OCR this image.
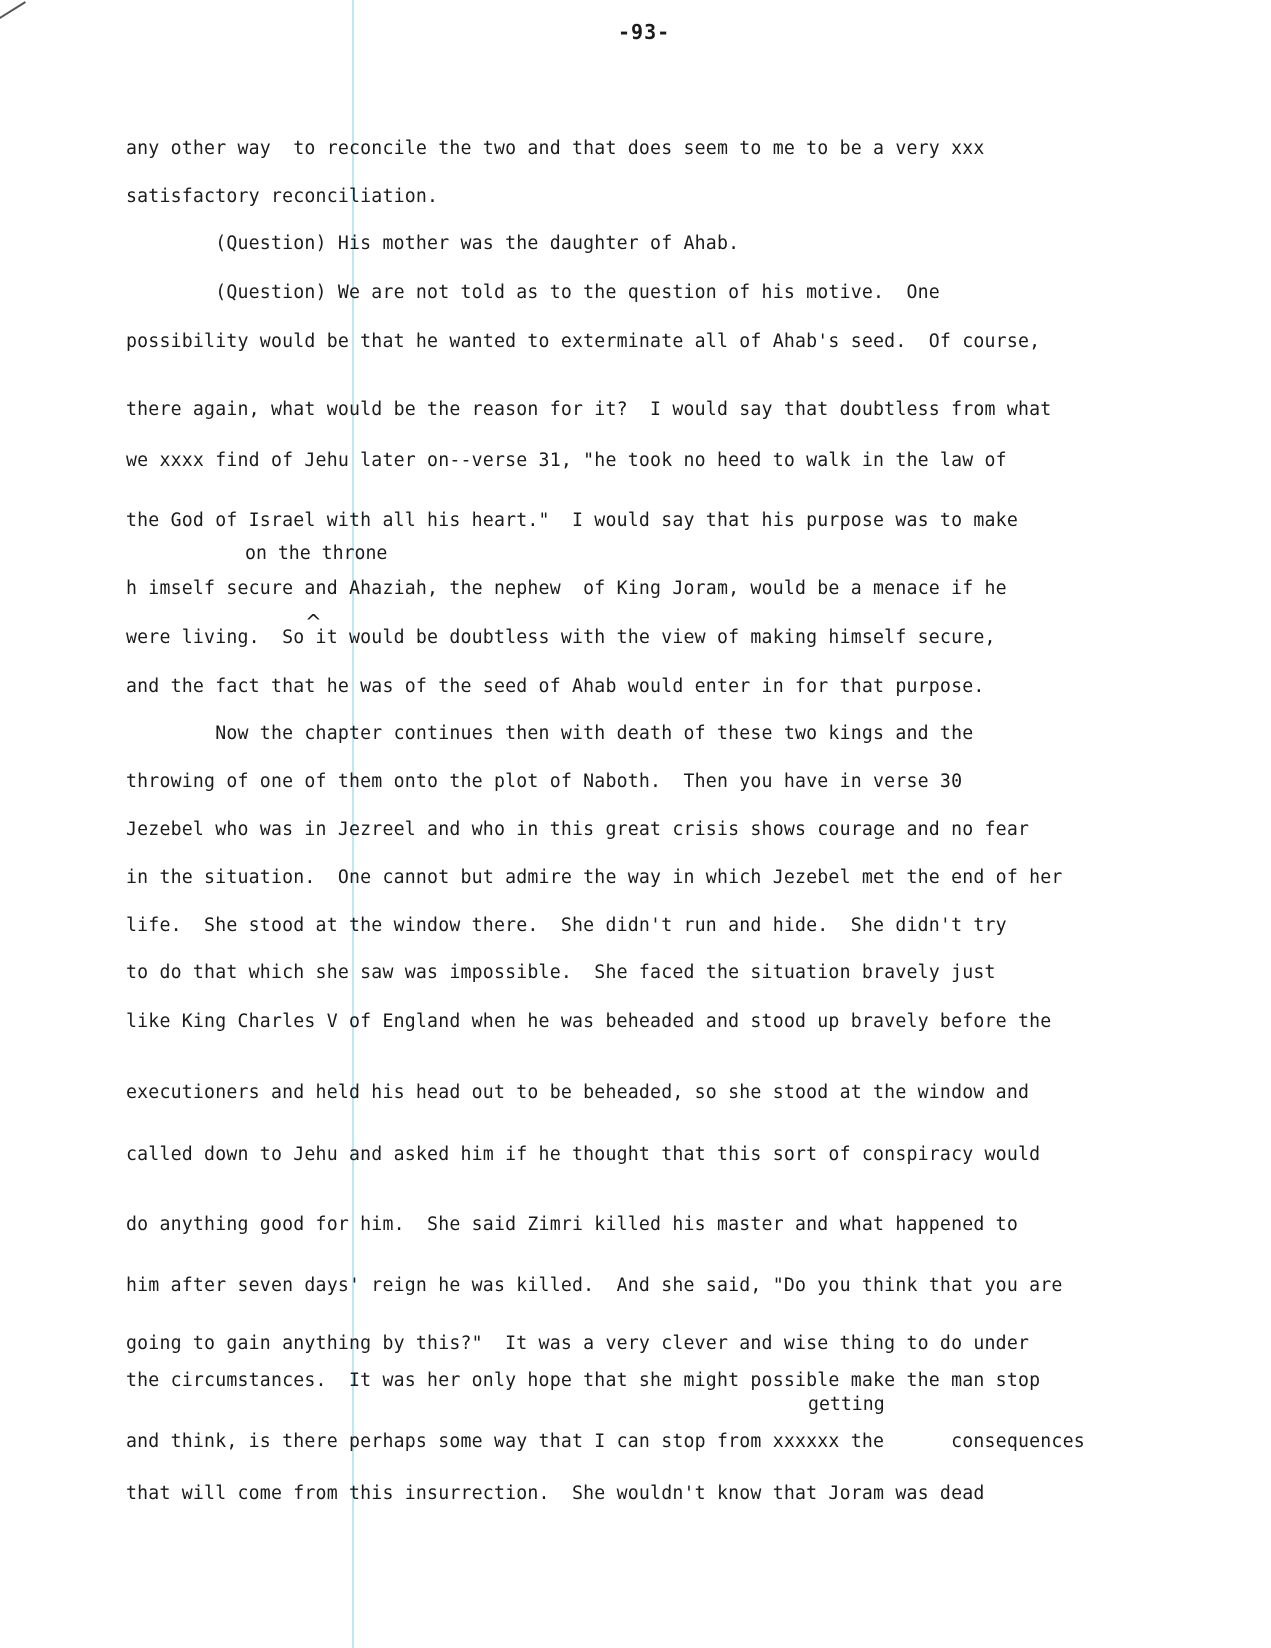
-93-
any other way  to reconcile the two and that does seem to me to be a very xxx
satisfactory reconciliation.
(Question) His mother was the daughter of Ahab.
(Question) We are not told as to the question of his motive.  One
possibility would be that he wanted to exterminate all of Ahab's seed.  Of course,
there again, what would be the reason for it?  I would say that doubtless from what
we xxxx find of Jehu later on--verse 31, "he took no heed to walk in the law of
the God of Israel with all his heart."  I would say that his purpose was to make
on the throne
h imself secure and Ahaziah, the nephew  of King Joram, would be a menace if he
^
were living.  So it would be doubtless with the view of making himself secure,
and the fact that he was of the seed of Ahab would enter in for that purpose.
Now the chapter continues then with death of these two kings and the
throwing of one of them onto the plot of Naboth.  Then you have in verse 30
Jezebel who was in Jezreel and who in this great crisis shows courage and no fear
in the situation.  One cannot but admire the way in which Jezebel met the end of her
life.  She stood at the window there.  She didn't run and hide.  She didn't try
to do that which she saw was impossible.  She faced the situation bravely just
like King Charles V of England when he was beheaded and stood up bravely before the
executioners and held his head out to be beheaded, so she stood at the window and
called down to Jehu and asked him if he thought that this sort of conspiracy would
do anything good for him.  She said Zimri killed his master and what happened to
him after seven days' reign he was killed.  And she said, "Do you think that you are
going to gain anything by this?"  It was a very clever and wise thing to do under
the circumstances.  It was her only hope that she might possible make the man stop
getting
and think, is there perhaps some way that I can stop from xxxxxx the      consequences
that will come from this insurrection.  She wouldn't know that Joram was dead
